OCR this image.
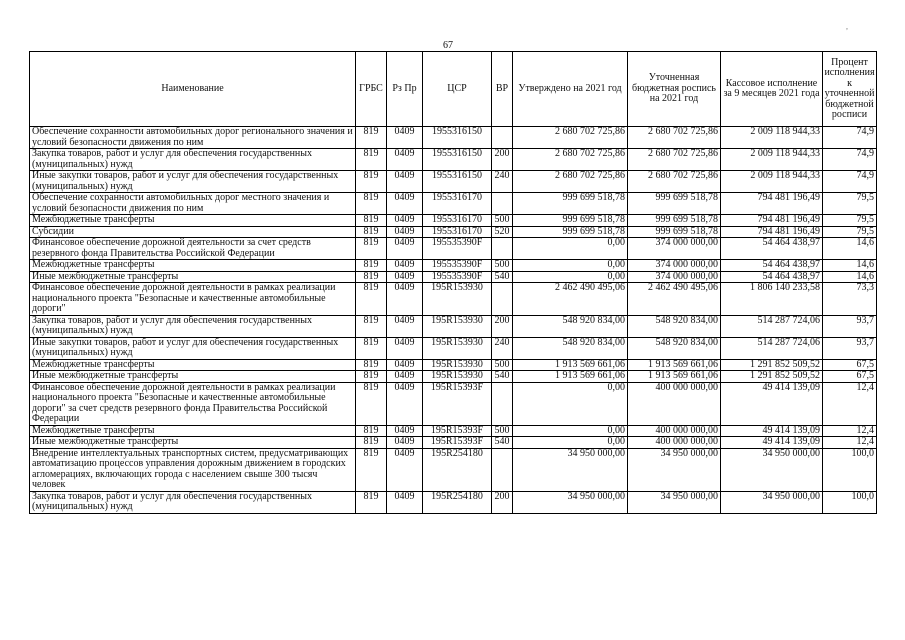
67
,
Наименование	ГРБС	Рз Пр	ЦСР	ВР	Утверждено на 2021 год	Уточненная бюджетная роспись на 2021 год	Кассовое исполнение за 9 месяцев 2021 года	Процент исполнения к уточненной бюджетной росписи
Обеспечение сохранности автомобильных дорог регионального значения и условий безопасности движения по ним	819	0409	1955316150		2 680 702 725,86	2 680 702 725,86	2 009 118 944,33	74,9
Закупка товаров, работ и услуг для обеспечения государственных (муниципальных) нужд	819	0409	1955316150	200	2 680 702 725,86	2 680 702 725,86	2 009 118 944,33	74,9
Иные закупки товаров, работ и услуг для обеспечения государственных (муниципальных) нужд	819	0409	1955316150	240	2 680 702 725,86	2 680 702 725,86	2 009 118 944,33	74,9
Обеспечение сохранности автомобильных дорог местного значения и условий безопасности движения по ним	819	0409	1955316170		999 699 518,78	999 699 518,78	794 481 196,49	79,5
Межбюджетные трансферты	819	0409	1955316170	500	999 699 518,78	999 699 518,78	794 481 196,49	79,5
Субсидии	819	0409	1955316170	520	999 699 518,78	999 699 518,78	794 481 196,49	79,5
Финансовое обеспечение дорожной деятельности за счет средств резервного фонда Правительства Российской Федерации	819	0409	195535390F		0,00	374 000 000,00	54 464 438,97	14,6
Межбюджетные трансферты	819	0409	195535390F	500	0,00	374 000 000,00	54 464 438,97	14,6
Иные межбюджетные трансферты	819	0409	195535390F	540	0,00	374 000 000,00	54 464 438,97	14,6
Финансовое обеспечение дорожной деятельности в рамках реализации национального проекта "Безопасные и качественные автомобильные дороги"	819	0409	195R153930		2 462 490 495,06	2 462 490 495,06	1 806 140 233,58	73,3
Закупка товаров, работ и услуг для обеспечения государственных (муниципальных) нужд	819	0409	195R153930	200	548 920 834,00	548 920 834,00	514 287 724,06	93,7
Иные закупки товаров, работ и услуг для обеспечения государственных (муниципальных) нужд	819	0409	195R153930	240	548 920 834,00	548 920 834,00	514 287 724,06	93,7
Межбюджетные трансферты	819	0409	195R153930	500	1 913 569 661,06	1 913 569 661,06	1 291 852 509,52	67,5
Иные межбюджетные трансферты	819	0409	195R153930	540	1 913 569 661,06	1 913 569 661,06	1 291 852 509,52	67,5
Финансовое обеспечение дорожной деятельности в рамках реализации национального проекта "Безопасные и качественные автомобильные дороги" за счет средств резервного фонда Правительства Российской Федерации	819	0409	195R15393F		0,00	400 000 000,00	49 414 139,09	12,4
Межбюджетные трансферты	819	0409	195R15393F	500	0,00	400 000 000,00	49 414 139,09	12,4
Иные межбюджетные трансферты	819	0409	195R15393F	540	0,00	400 000 000,00	49 414 139,09	12,4
Внедрение интеллектуальных транспортных систем, предусматривающих автоматизацию процессов управления дорожным движением в городских агломерациях, включающих города с населением свыше 300 тысяч человек	819	0409	195R254180		34 950 000,00	34 950 000,00	34 950 000,00	100,0
Закупка товаров, работ и услуг для обеспечения государственных (муниципальных) нужд	819	0409	195R254180	200	34 950 000,00	34 950 000,00	34 950 000,00	100,0
